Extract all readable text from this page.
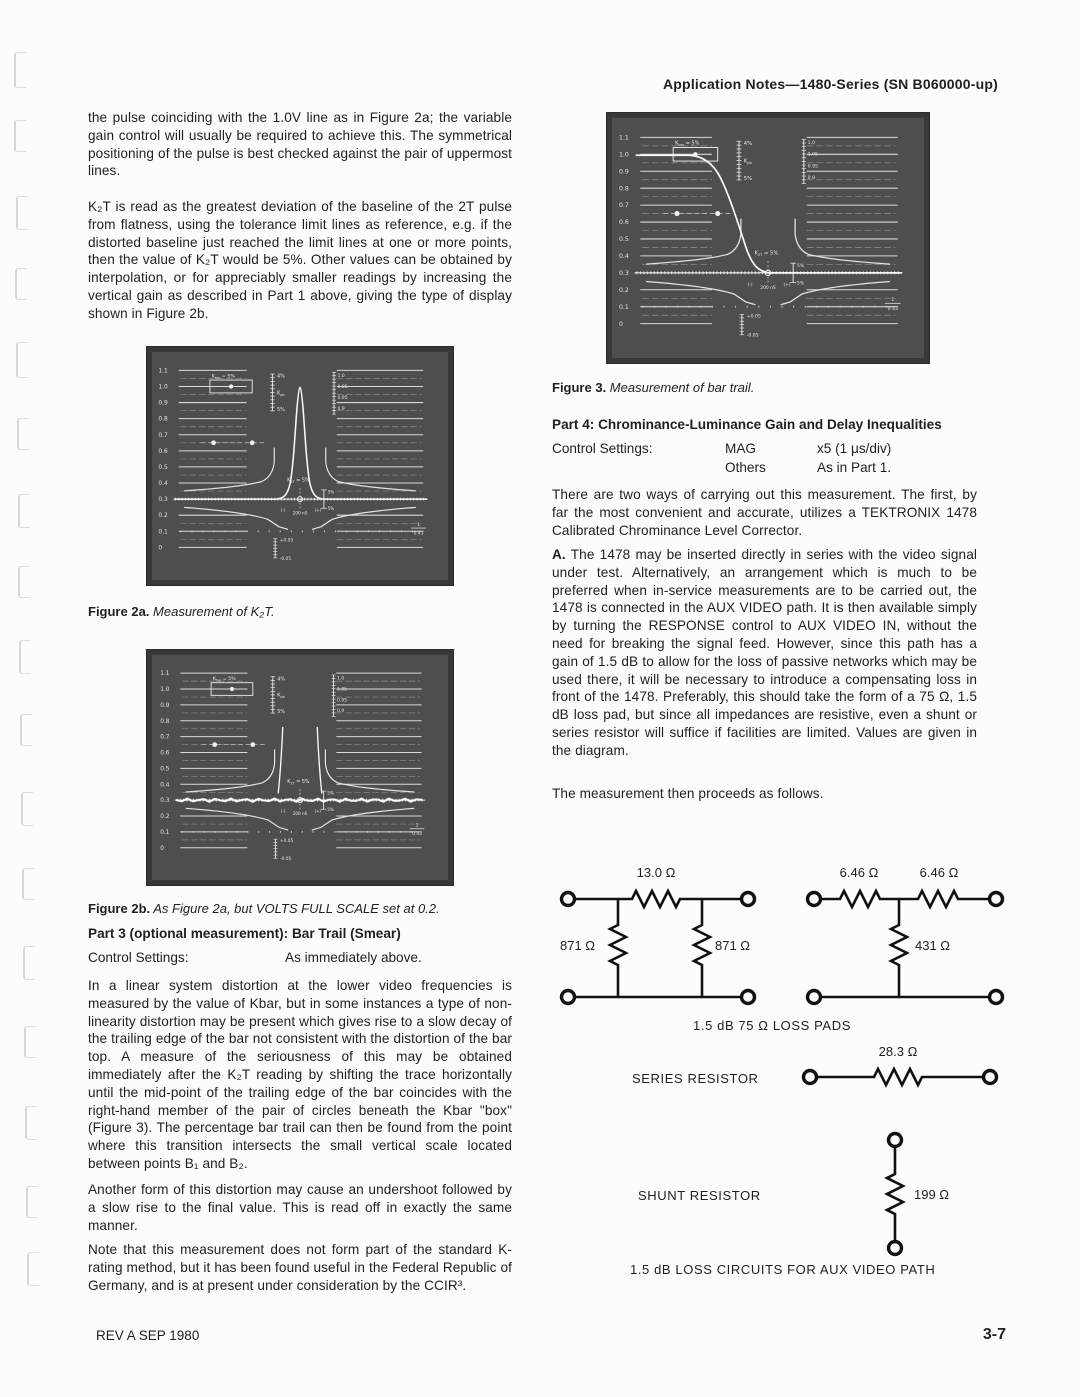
Application Notes—1480-Series (SN B060000-up)

the pulse coinciding with the 1.0V line as in Figure 2a; the variable gain control will usually be required to achieve this. The symmetrical positioning of the pulse is best checked against the pair of uppermost lines.

K₂T is read as the greatest deviation of the baseline of the 2T pulse from flatness, using the tolerance limit lines as reference, e.g. if the distorted baseline just reached the limit lines at one or more points, then the value of K₂T would be 5%. Other values can be obtained by interpolation, or for appreciably smaller readings by increasing the vertical gain as described in Part 1 above, giving the type of display shown in Figure 2b.

1.1
1.0
0.9
0.8
0.7
0.6
0.5
0.4
0.3
0.2
0.1
0
$K_{bar} = 5\%$	4%
$K_{pb}$
5%
1.0
1.05
0.95
0.9
$K_{2T} = 5\%$
(-)
200 nS
(+)
5%
5%
+0.05
-0.05
1
0.43
Figure 2a. Measurement of K₂T.
1.1
1.0
0.9
0.8
0.7
0.6
0.5
0.4
0.3
0.2
0.1
0
$K_{bar} = 5\%$	4%
$K_{pb}$
5%
1.0
1.05
0.95
0.9
$K_{2T} = 5\%$
(-)
200 nS
(+)
5%
5%
+0.05
-0.05
1
0.43
Figure 2b. As Figure 2a, but VOLTS FULL SCALE set at 0.2.
Part 3 (optional measurement): Bar Trail (Smear)
Control Settings:	As immediately above.

In a linear system distortion at the lower video frequencies is measured by the value of Kbar, but in some instances a type of non-linearity distortion may be present which gives rise to a slow decay of the trailing edge of the bar not consistent with the distortion of the bar top. A measure of the seriousness of this may be obtained immediately after the K₂T reading by shifting the trace horizontally until the mid-point of the trailing edge of the bar coincides with the right-hand member of the pair of circles beneath the Kbar "box" (Figure 3). The percentage bar trail can then be found from the point where this transition intersects the small vertical scale located between points B₁ and B₂.

Another form of this distortion may cause an undershoot followed by a slow rise to the final value. This is read off in exactly the same manner.

Note that this measurement does not form part of the standard K-rating method, but it has been found useful in the Federal Republic of Germany, and is at present under consideration by the CCIR³.

1.1
1.0
0.9
0.8
0.7
0.6
0.5
0.4
0.3
0.2
0.1
0
$K_{bar} = 5\%$	4%
$K_{pb}$
5%
1.0
1.05
0.95
0.9
$K_{2T} = 5\%$
(-)
200 nS
(+)
5%
5%
+0.05
-0.05
1
0.43
Figure 3. Measurement of bar trail.
Part 4: Chrominance-Luminance Gain and Delay Inequalities
Control Settings:	MAG	x5 (1 μs/div)
Others	As in Part 1.

There are two ways of carrying out this measurement. The first, by far the most convenient and accurate, utilizes a TEKTRONIX 1478 Calibrated Chrominance Level Corrector.

A. The 1478 may be inserted directly in series with the video signal under test. Alternatively, an arrangement which is much to be preferred when in-service measurements are to be carried out, the 1478 is connected in the AUX VIDEO path. It is then available simply by turning the RESPONSE control to AUX VIDEO IN, without the need for breaking the signal feed. However, since this path has a gain of 1.5 dB to allow for the loss of passive networks which may be used there, it will be necessary to introduce a compensating loss in front of the 1478. Preferably, this should take the form of a 75 Ω, 1.5 dB loss pad, but since all impedances are resistive, even a shunt or series resistor will suffice if facilities are limited. Values are given in the diagram.

The measurement then proceeds as follows.

13.0 Ω
871 Ω	871 Ω
6.46 Ω	6.46 Ω
431 Ω
1.5 dB 75 Ω LOSS PADS
SERIES RESISTOR
28.3 Ω
SHUNT RESISTOR	199 Ω
1.5 dB LOSS CIRCUITS FOR AUX VIDEO PATH
REV A SEP 1980	3-7
